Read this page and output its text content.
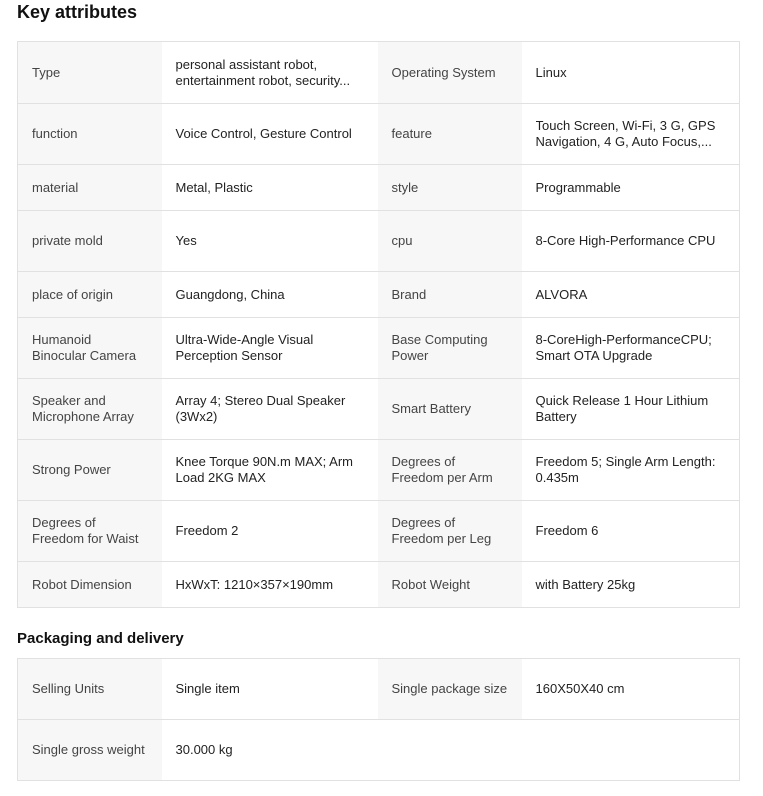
Key attributes
Type	personal assistant robot, entertainment robot, security...	Operating System	Linux
function	Voice Control, Gesture Control	feature	Touch Screen, Wi-Fi, 3 G, GPS Navigation, 4 G, Auto Focus,...

material	Metal, Plastic	style	Programmable
private mold	Yes	cpu	8-Core High-Performance CPU
place of origin	Guangdong, China	Brand	ALVORA
Humanoid Binocular Camera	Ultra-Wide-Angle Visual Perception Sensor	Base Computing Power	8-CoreHigh-PerformanceCPU; Smart OTA Upgrade
Speaker and Microphone Array	Array 4; Stereo Dual Speaker (3Wx2)	Smart Battery	Quick Release 1 Hour Lithium Battery
Strong Power	Knee Torque 90N.m MAX; Arm Load 2KG MAX	Degrees of Freedom per Arm	Freedom 5; Single Arm Length: 0.435m
Degrees of Freedom for Waist	Freedom 2	Degrees of Freedom per Leg	Freedom 6
Robot Dimension	HxWxT: 1210×357×190mm	Robot Weight	with Battery 25kg
Packaging and delivery
Selling Units	Single item	Single package size	160X50X40 cm
Single gross weight	30.000 kg		
